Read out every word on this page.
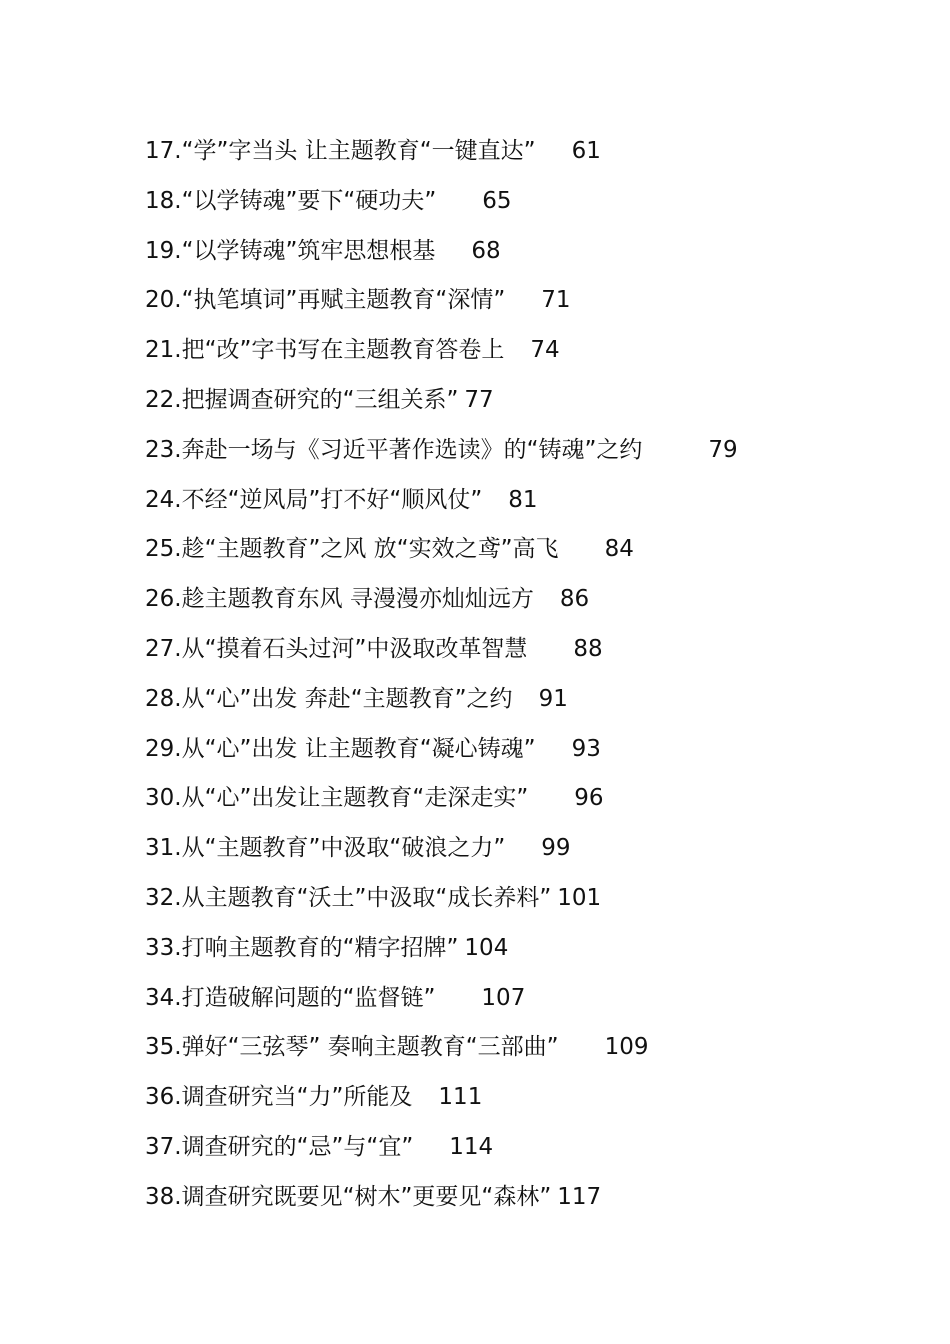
17.“学”字当头 让主题教育“一键直达” 61
18.“以学铸魂”要下“硬功夫” 65
19.“以学铸魂”筑牢思想根基 68
20.“执笔填词”再赋主题教育“深情” 71
21.把“改”字书写在主题教育答卷上 74
22.把握调查研究的“三组关系” 77
23.奔赴一场与《习近平著作选读》的“铸魂”之约	79
24.不经“逆风局”打不好“顺风仗” 81
25.趁“主题教育”之风 放“实效之鸢”高飞 84
26.趁主题教育东风 寻漫漫亦灿灿远方 86
27.从“摸着石头过河”中汲取改革智慧 88
28.从“心”出发 奔赴“主题教育”之约 91
29.从“心”出发 让主题教育“凝心铸魂” 93
30.从“心”出发让主题教育“走深走实” 96
31.从“主题教育”中汲取“破浪之力” 99
32.从主题教育“沃土”中汲取“成长养料” 101
33.打响主题教育的“精字招牌” 104
34.打造破解问题的“监督链” 107
35.弹好“三弦琴” 奏响主题教育“三部曲” 109
36.调查研究当“力”所能及 111
37.调查研究的“忌”与“宜” 114
38.调查研究既要见“树木”更要见“森林” 117
